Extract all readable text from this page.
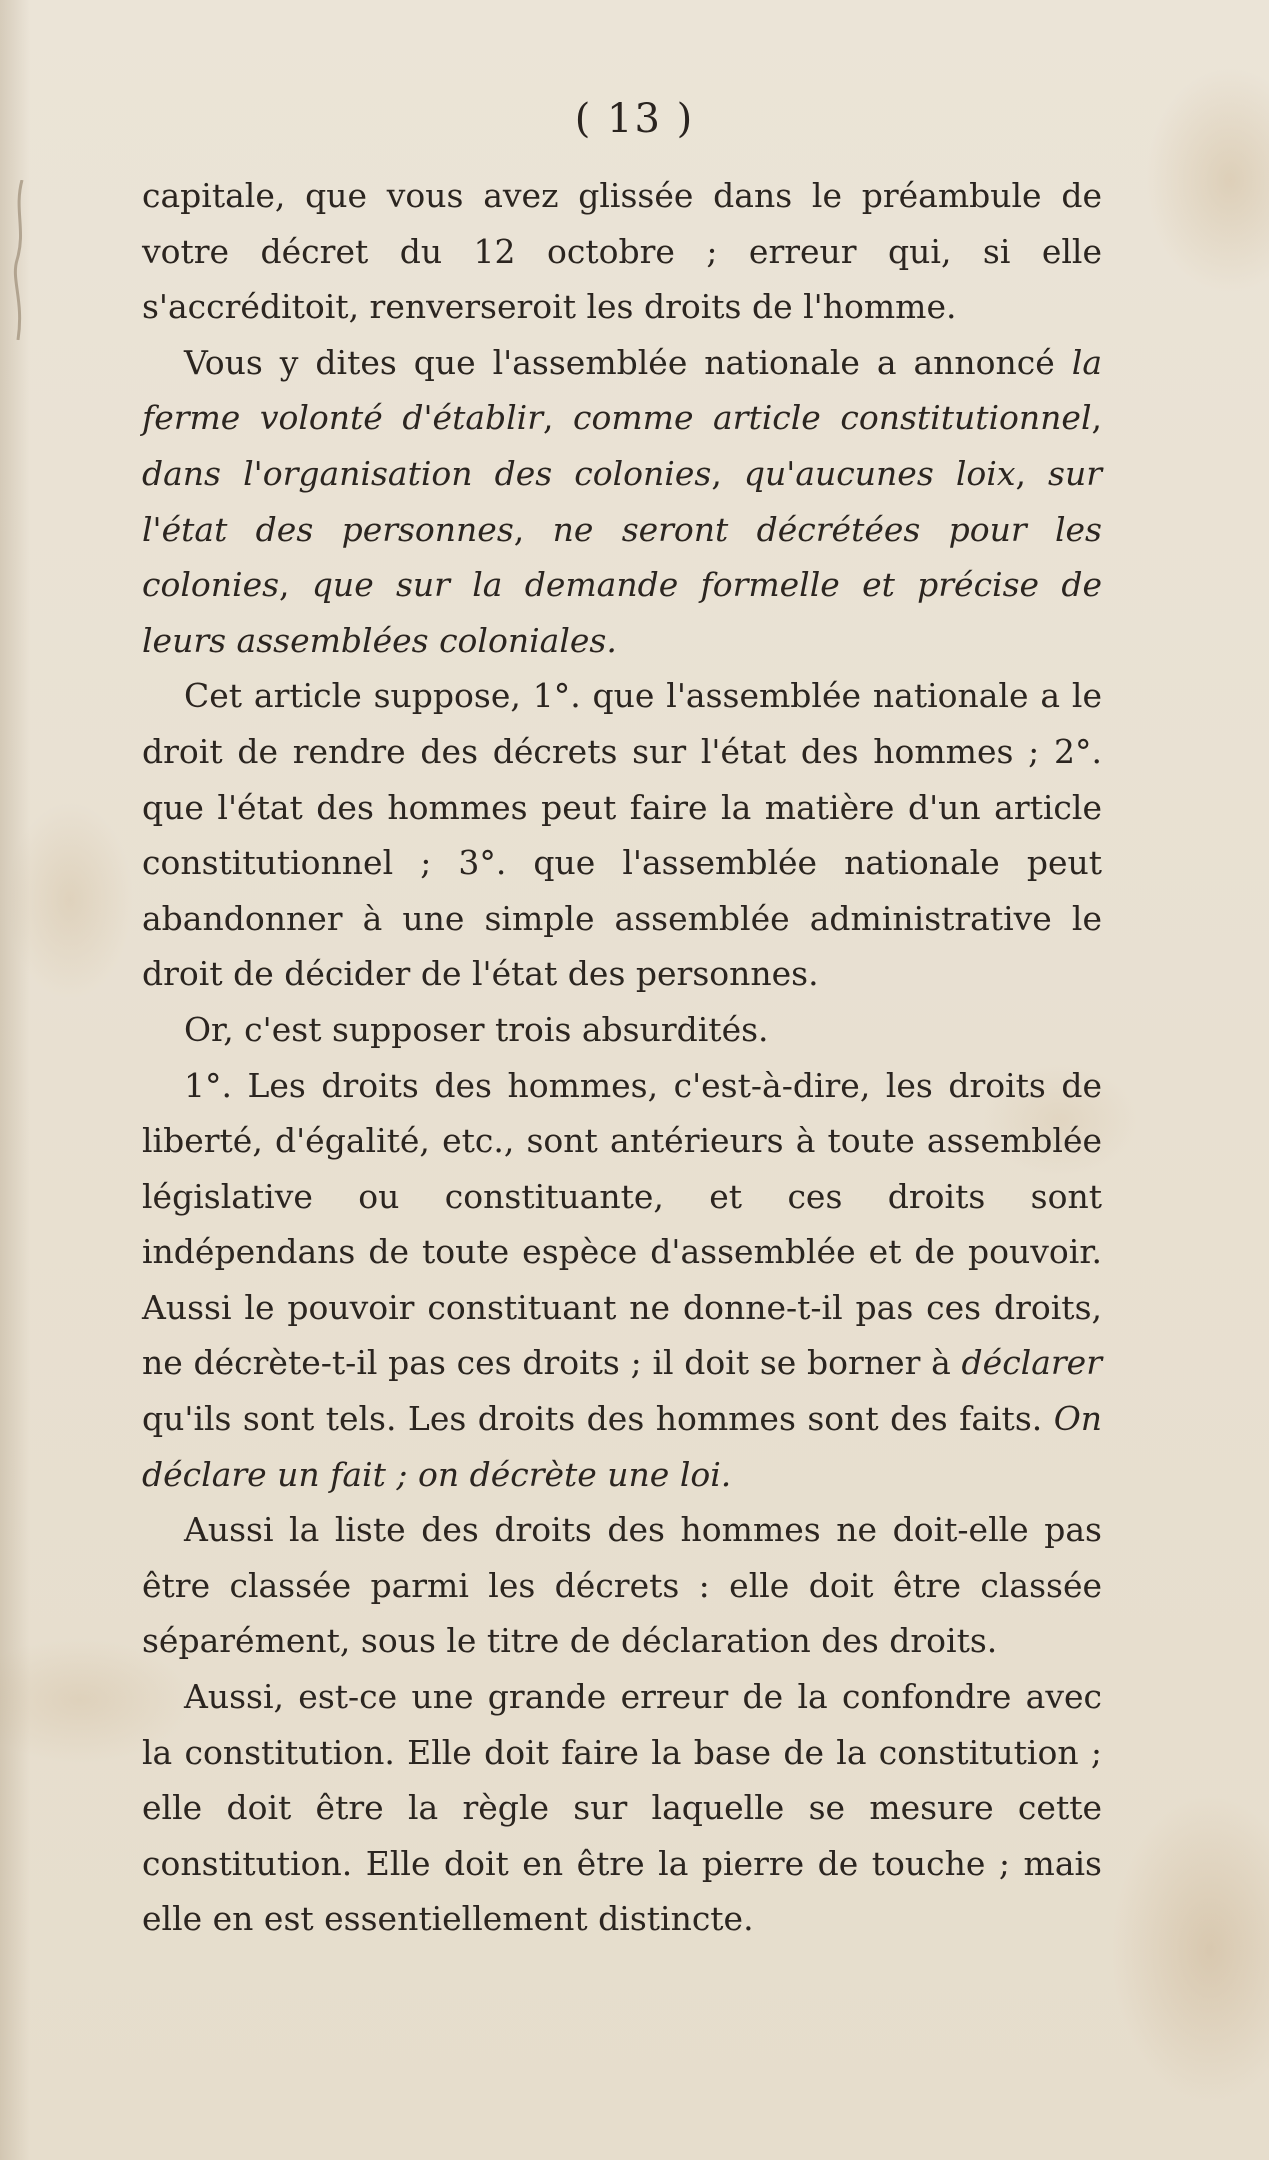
( 13 )

capitale, que vous avez glissée dans le préambule de votre décret du 12 octobre ; erreur qui, si elle s'accréditoit, renverseroit les droits de l'homme.

Vous y dites que l'assemblée nationale a annoncé la ferme volonté d'établir, comme article constitutionnel, dans l'organisation des colonies, qu'aucunes loix, sur l'état des personnes, ne seront décrétées pour les colonies, que sur la demande formelle et précise de leurs assemblées coloniales.

Cet article suppose, 1°. que l'assemblée nationale a le droit de rendre des décrets sur l'état des hommes ; 2°. que l'état des hommes peut faire la matière d'un article constitutionnel ; 3°. que l'assemblée nationale peut abandonner à une simple assemblée administrative le droit de décider de l'état des personnes.

Or, c'est supposer trois absurdités.

1°. Les droits des hommes, c'est-à-dire, les droits de liberté, d'égalité, etc., sont antérieurs à toute assemblée législative ou constituante, et ces droits sont indépendans de toute espèce d'assemblée et de pouvoir. Aussi le pouvoir constituant ne donne-t-il pas ces droits, ne décrète-t-il pas ces droits ; il doit se borner à déclarer qu'ils sont tels. Les droits des hommes sont des faits. On déclare un fait ; on décrète une loi.

Aussi la liste des droits des hommes ne doit-elle pas être classée parmi les décrets : elle doit être classée séparément, sous le titre de déclaration des droits.

Aussi, est-ce une grande erreur de la confondre avec la constitution. Elle doit faire la base de la constitution ; elle doit être la règle sur laquelle se mesure cette constitution. Elle doit en être la pierre de touche ; mais elle en est essentiellement distincte.
